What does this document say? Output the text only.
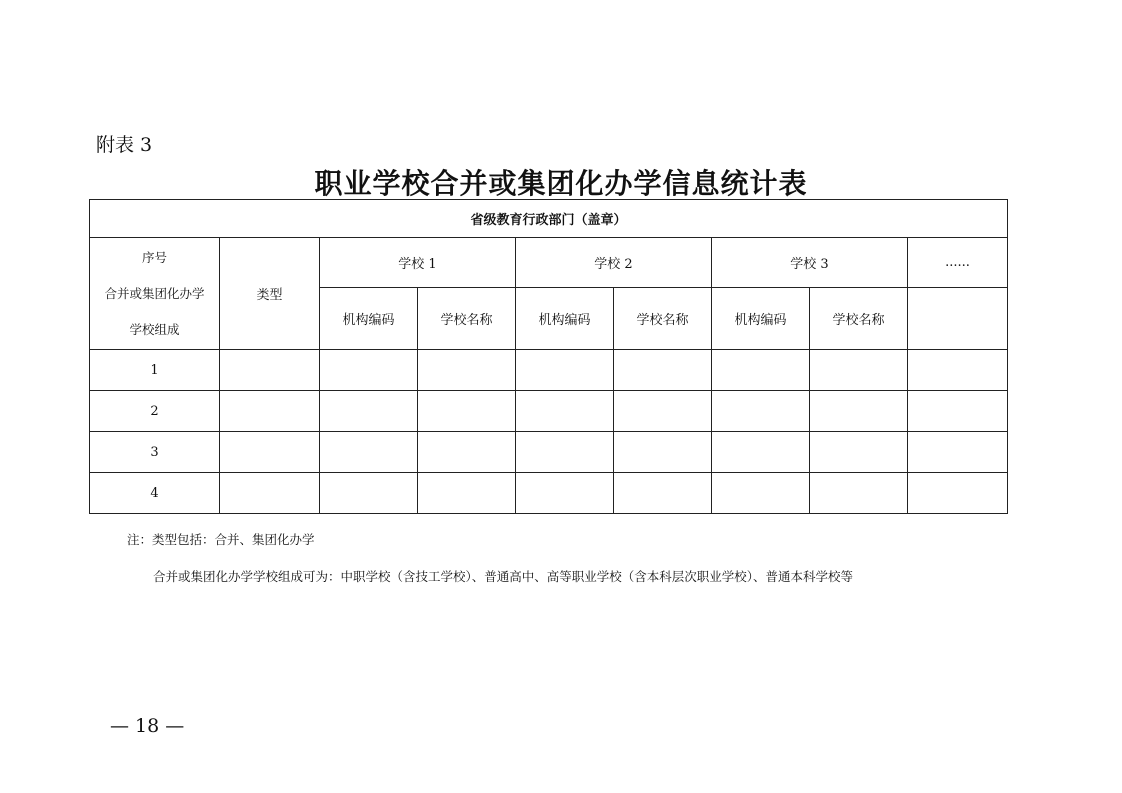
附表 3
职业学校合并或集团化办学信息统计表
省级教育行政部门（盖章）								

序号
合并或集团化办学
学校组成	类型	学校 1		学校 2		学校 3		......
		机构编码	学校名称	机构编码	学校名称	机构编码	学校名称	
1								
2								
3								
4								
注：类型包括：合并、集团化办学
合并或集团化办学学校组成可为：中职学校（含技工学校）、普通高中、高等职业学校（含本科层次职业学校）、普通本科学校等
— 18 —
